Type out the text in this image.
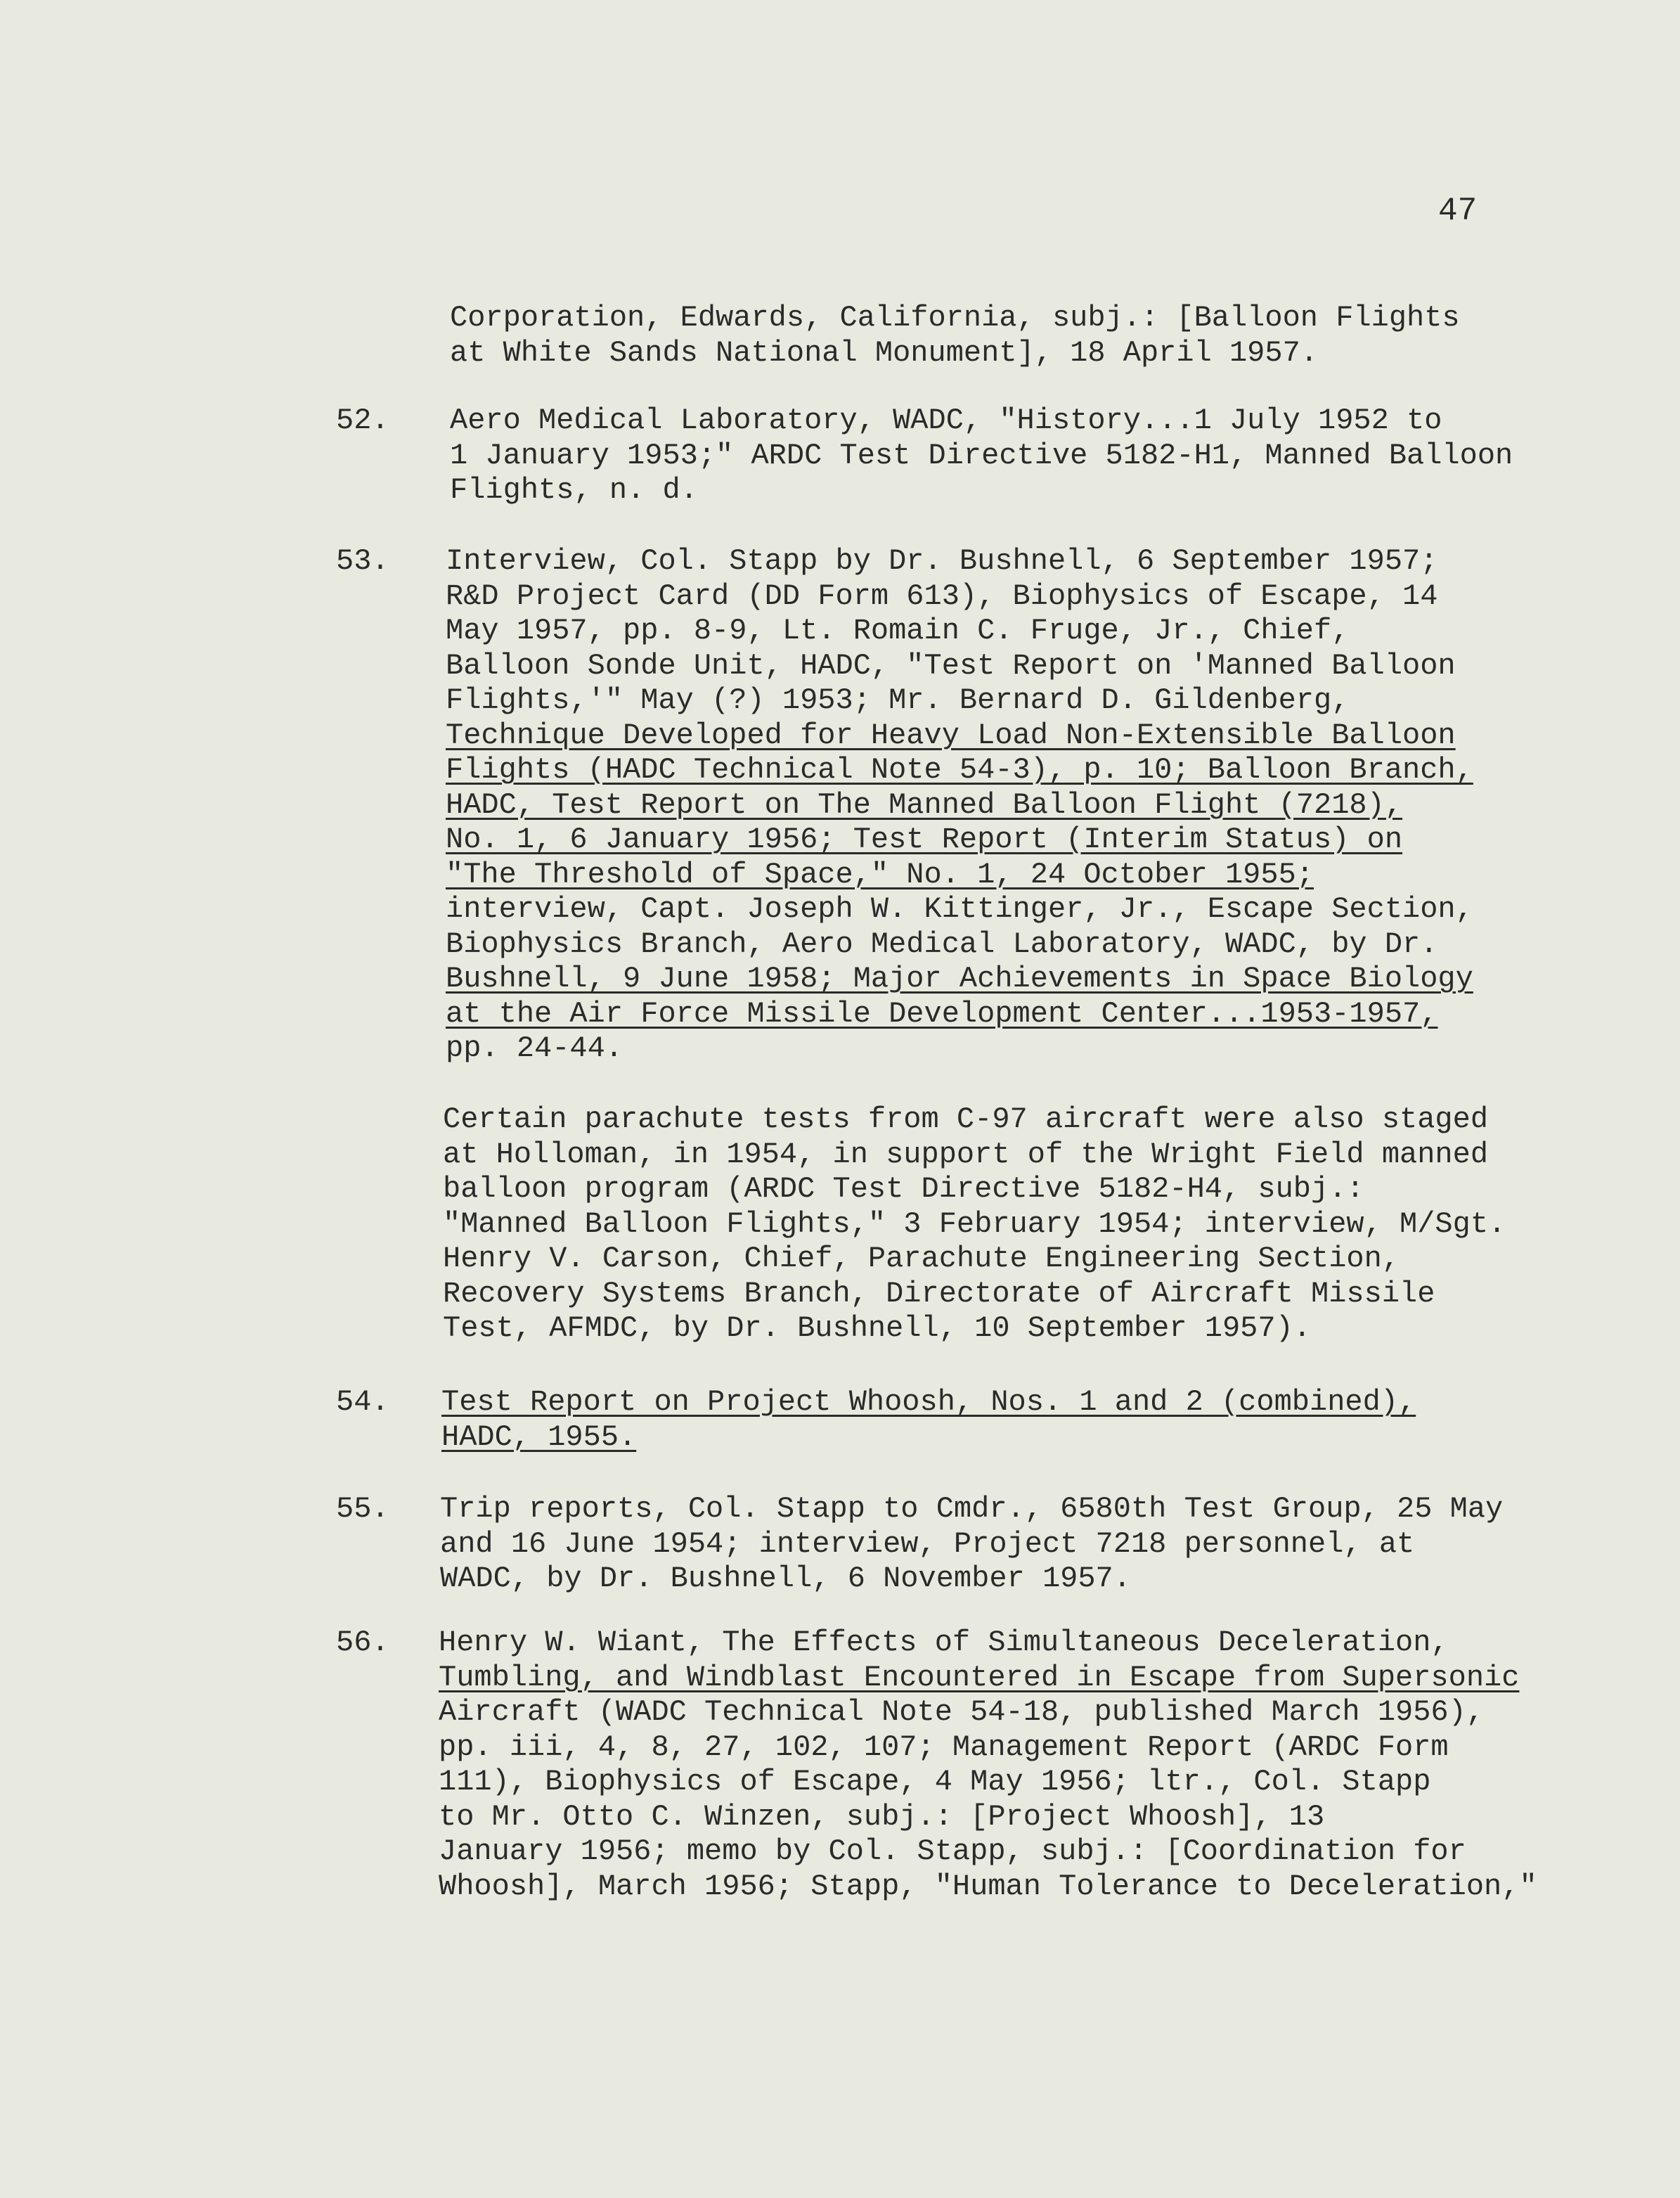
47
Corporation, Edwards, California, subj.: [Balloon Flights
at White Sands National Monument], 18 April 1957.
52. Aero Medical Laboratory, WADC, "History...1 July 1952 to
1 January 1953;" ARDC Test Directive 5182-H1, Manned Balloon
Flights, n. d.
53. Interview, Col. Stapp by Dr. Bushnell, 6 September 1957;
R&D Project Card (DD Form 613), Biophysics of Escape, 14
May 1957, pp. 8-9, Lt. Romain C. Fruge, Jr., Chief,
Balloon Sonde Unit, HADC, "Test Report on 'Manned Balloon
Flights,'" May (?) 1953; Mr. Bernard D. Gildenberg,
Technique Developed for Heavy Load Non-Extensible Balloon
Flights (HADC Technical Note 54-3), p. 10; Balloon Branch,
HADC, Test Report on The Manned Balloon Flight (7218),
No. 1, 6 January 1956; Test Report (Interim Status) on
"The Threshold of Space," No. 1, 24 October 1955;
interview, Capt. Joseph W. Kittinger, Jr., Escape Section,
Biophysics Branch, Aero Medical Laboratory, WADC, by Dr.
Bushnell, 9 June 1958; Major Achievements in Space Biology
at the Air Force Missile Development Center...1953-1957,
pp. 24-44.
Certain parachute tests from C-97 aircraft were also staged
at Holloman, in 1954, in support of the Wright Field manned
balloon program (ARDC Test Directive 5182-H4, subj.:
"Manned Balloon Flights," 3 February 1954; interview, M/Sgt.
Henry V. Carson, Chief, Parachute Engineering Section,
Recovery Systems Branch, Directorate of Aircraft Missile
Test, AFMDC, by Dr. Bushnell, 10 September 1957).
54. Test Report on Project Whoosh, Nos. 1 and 2 (combined),
HADC, 1955.
55. Trip reports, Col. Stapp to Cmdr., 6580th Test Group, 25 May
and 16 June 1954; interview, Project 7218 personnel, at
WADC, by Dr. Bushnell, 6 November 1957.
56. Henry W. Wiant, The Effects of Simultaneous Deceleration,
Tumbling, and Windblast Encountered in Escape from Supersonic
Aircraft (WADC Technical Note 54-18, published March 1956),
pp. iii, 4, 8, 27, 102, 107; Management Report (ARDC Form
111), Biophysics of Escape, 4 May 1956; ltr., Col. Stapp
to Mr. Otto C. Winzen, subj.: [Project Whoosh], 13
January 1956; memo by Col. Stapp, subj.: [Coordination for
Whoosh], March 1956; Stapp, "Human Tolerance to Deceleration,"
